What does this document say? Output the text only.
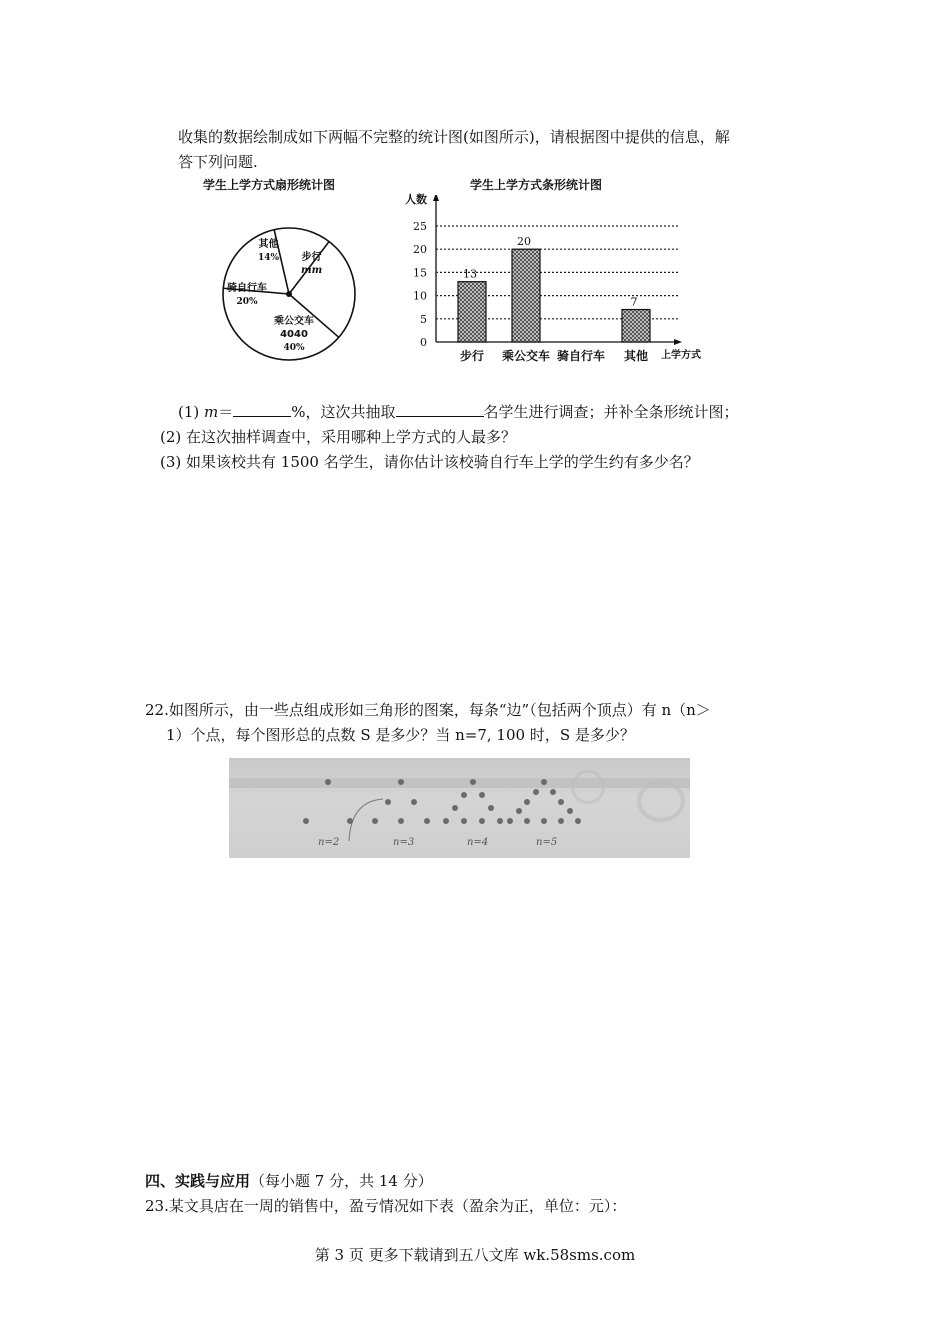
收集的数据绘制成如下两幅不完整的统计图(如图所示)，请根据图中提供的信息，解
答下列问题.
学生上学方式扇形统计图
其他
14% 步行
mm
骑自行车
20%
乘公交车
4040
40%
学生上学方式条形统计图
人数
上学方式
0
5
10
15
20
25
13
20
7
步行 乘公交车 骑自行车 其他
(1) m＝	%，这次共抽取	名学生进行调查；并补全条形统计图；
(2) 在这次抽样调查中，采用哪种上学方式的人最多？
(3) 如果该校共有 1500 名学生，请你估计该校骑自行车上学的学生约有多少名？
22.如图所示，由一些点组成形如三角形的图案，每条“边”（包括两个顶点）有 n（n＞
1）个点，每个图形总的点数 S 是多少？当 n=7, 100 时，S 是多少？
n=2	n=3	n=4	n=5
四、实践与应用（每小题 7 分，共 14 分）
23.某文具店在一周的销售中，盈亏情况如下表（盈余为正，单位：元）：
第 3 页 更多下载请到五八文库 wk.58sms.com
